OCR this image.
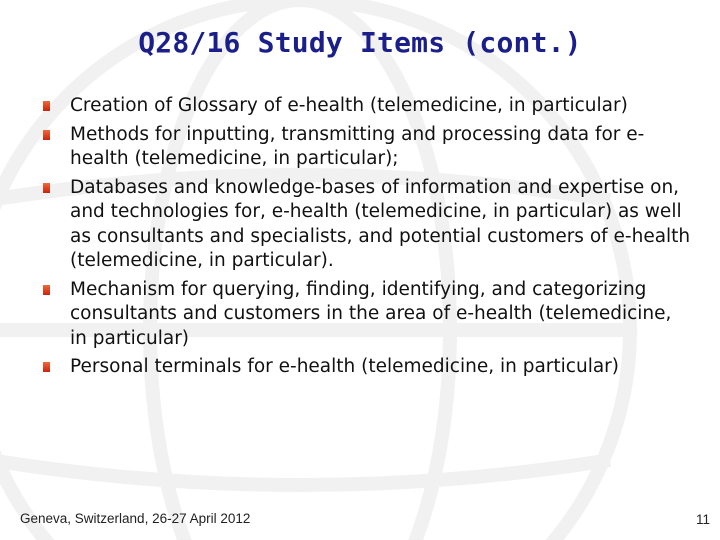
Q28/16 Study Items (cont.)
Creation of Glossary of e-health (telemedicine, in particular)
Methods for inputting, transmitting and processing data for e-health (telemedicine, in particular);
Databases and knowledge-bases of information and expertise on, and technologies for, e-health (telemedicine, in particular) as well as consultants and specialists, and potential customers of e-health (telemedicine, in particular).
Mechanism for querying, finding, identifying, and categorizing consultants and customers in the area of e-health (telemedicine, in particular)
Personal terminals for e-health (telemedicine, in particular)
Geneva, Switzerland, 26-27 April 2012	11
